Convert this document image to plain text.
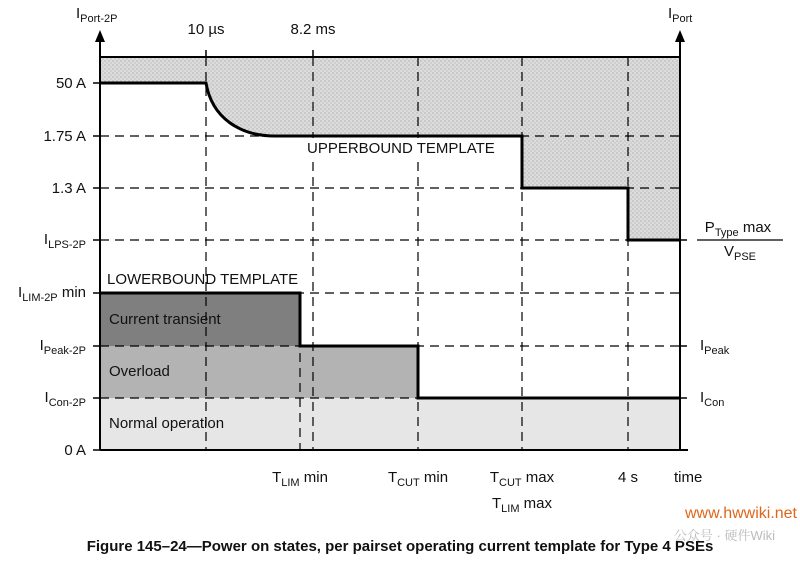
$I_{Port-2P}$	$I_{Port}$
time
10 µs	8.2 ms
50 A
1.75 A
1.3 A
$I_{LPS-2P}$
$I_{LIM-2P}$ min
$I_{Peak-2P}$
$I_{Con-2P}$
0 A
$P_{Type}$ max
$V_{PSE}$
$I_{Peak}$
$I_{Con}$
$T_{LIM}$ min	$T_{CUT}$ min	$T_{CUT}$ max
$T_{LIM}$ max
4 s
UPPERBOUND TEMPLATE
LOWERBOUND TEMPLATE
Current transient
Overload
Normal operation
www.hwwiki.net
公众号 · 硬件Wiki
Figure 145–24—Power on states, per pairset operating current template for Type 4 PSEs
